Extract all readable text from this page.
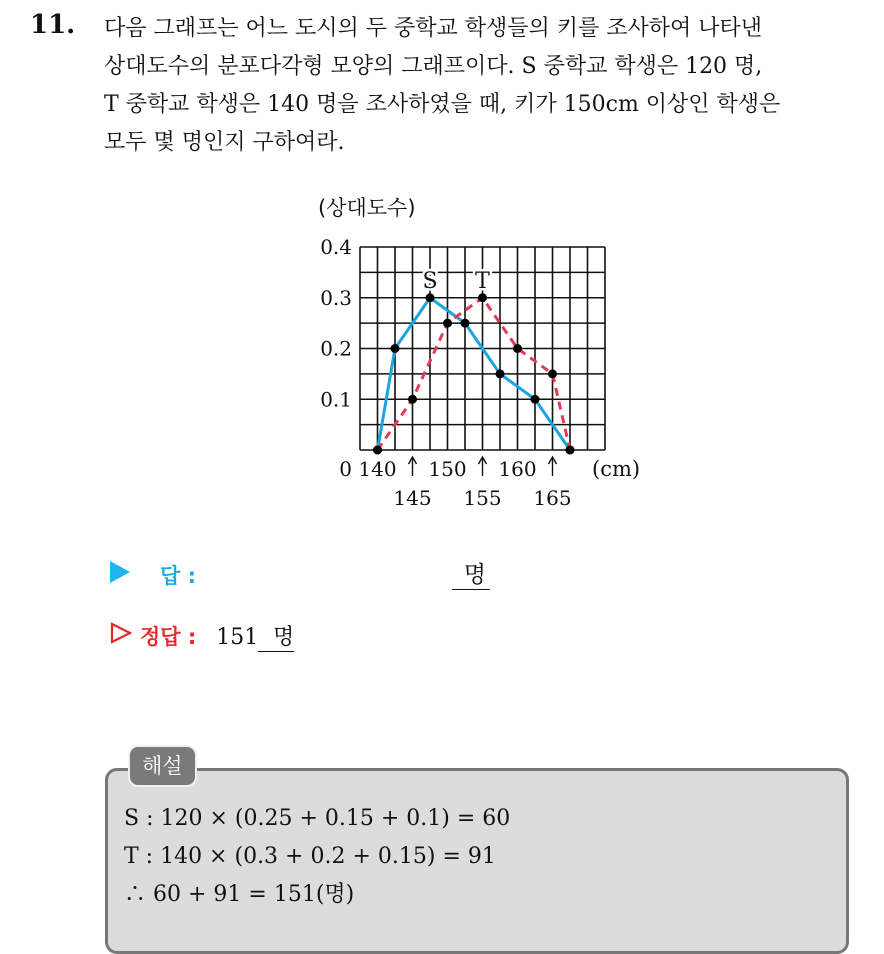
11. 다음 그래프는 어느 도시의 두 중학교 학생들의 키를 조사하여 나타낸
상대도수의 분포다각형 모양의 그래프이다. S 중학교 학생은 120 명,
T 중학교 학생은 140 명을 조사하였을 때, 키가 150cm 이상인 학생은
모두 몇 명인지 구하여라.
(상대도수)
0.1
0.2
0.3
0.4
0 140 150 160
145 155 165
(cm)
S T
답 :	명
정답 : 151 명
해설
S : 120 × (0.25 + 0.15 + 0.1) = 60
T : 140 × (0.3 + 0.2 + 0.15) = 91
∴ 60 + 91 = 151(명)
